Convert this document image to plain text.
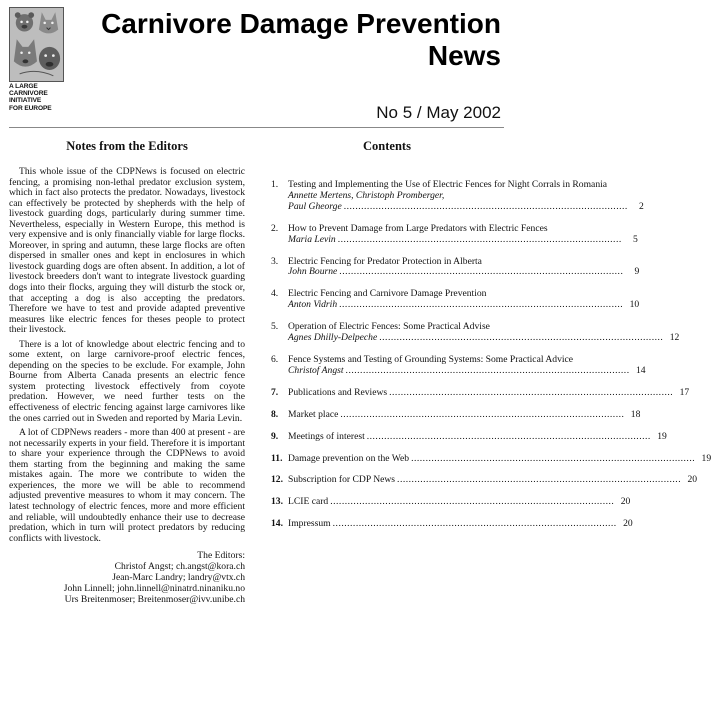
A LARGE
CARNIVORE
INITIATIVE
FOR EUROPE
Carnivore Damage Prevention
News
No 5 / May 2002
Notes from the Editors

This whole issue of the CDPNews is focused on electric fencing, a promising non-lethal predator exclusion system, which in fact also protects the predator. Nowadays, livestock can effectively be protected by shepherds with the help of livestock guarding dogs, particularly during summer time. Nevertheless, especially in Western Europe, this method is very expensive and is only financially viable for large flocks. Moreover, in spring and autumn, these large flocks are often dispersed in smaller ones and kept in enclosures in which livestock guarding dogs are often absent. In addition, a lot of livestock breeders don't want to integrate livestock guarding dogs into their flocks, arguing they will disturb the stock or, that accepting a dog is also accepting the predators. Therefore we have to test and provide adapted preventive measures like electric fences for theses people to protect their livestock.

There is a lot of knowledge about electric fencing and to some extent, on large carnivore-proof electric fences, depending on the species to be exclude. For example, John Bourne from Alberta Canada presents an electric fence system protecting livestock effectively from coyote predation. However, we need further tests on the effectiveness of electric fencing against large carnivores like the ones carried out in Sweden and reported by Maria Levin.

A lot of CDPNews readers - more than 400 at present - are not necessarily experts in your field. Therefore it is important to share your experience through the CDPNews to avoid them starting from the beginning and making the same mistakes again. The more we contribute to widen the experiences, the more we will be able to recommend adjusted preventive measures to whom it may concern. The latest technology of electric fences, more and more efficient and reliable, will undoubtedly enhance their use to decrease predation, which in turn will protect predators by reducing conflicts with livestock.

The Editors:
Christof Angst; ch.angst@kora.ch
Jean-Marc Landry; landry@vtx.ch
John Linnell; john.linnell@ninatrd.ninaniku.no
Urs Breitenmoser; Breitenmoser@ivv.unibe.ch
Contents
1.	Testing and Implementing the Use of Electric Fences for Night Corrals in Romania
Annette Mertens, Christoph Promberger,
Paul Gheorge ..................................................................................................	2
2.	How to Prevent Damage from Large Predators with Electric Fences
Maria Levin ..................................................................................................	5
3.	Electric Fencing for Predator Protection in Alberta
John Bourne ..................................................................................................	9
4.	Electric Fencing and Carnivore Damage Prevention
Anton Vidrih .................................................................................................. 10
5.	Operation of Electric Fences: Some Practical Advise
Agnes Dhilly-Delpeche .................................................................................................. 12
6.	Fence Systems and Testing of Grounding Systems: Some Practical Advice
Christof Angst .................................................................................................. 14
7.	Publications and Reviews .................................................................................................. 17
8.	Market place .................................................................................................. 18
9.	Meetings of interest .................................................................................................. 19
11. Damage prevention on the Web .................................................................................................. 19
12. Subscription for CDP News .................................................................................................. 20
13. LCIE card .................................................................................................. 20
14. Impressum .................................................................................................. 20
